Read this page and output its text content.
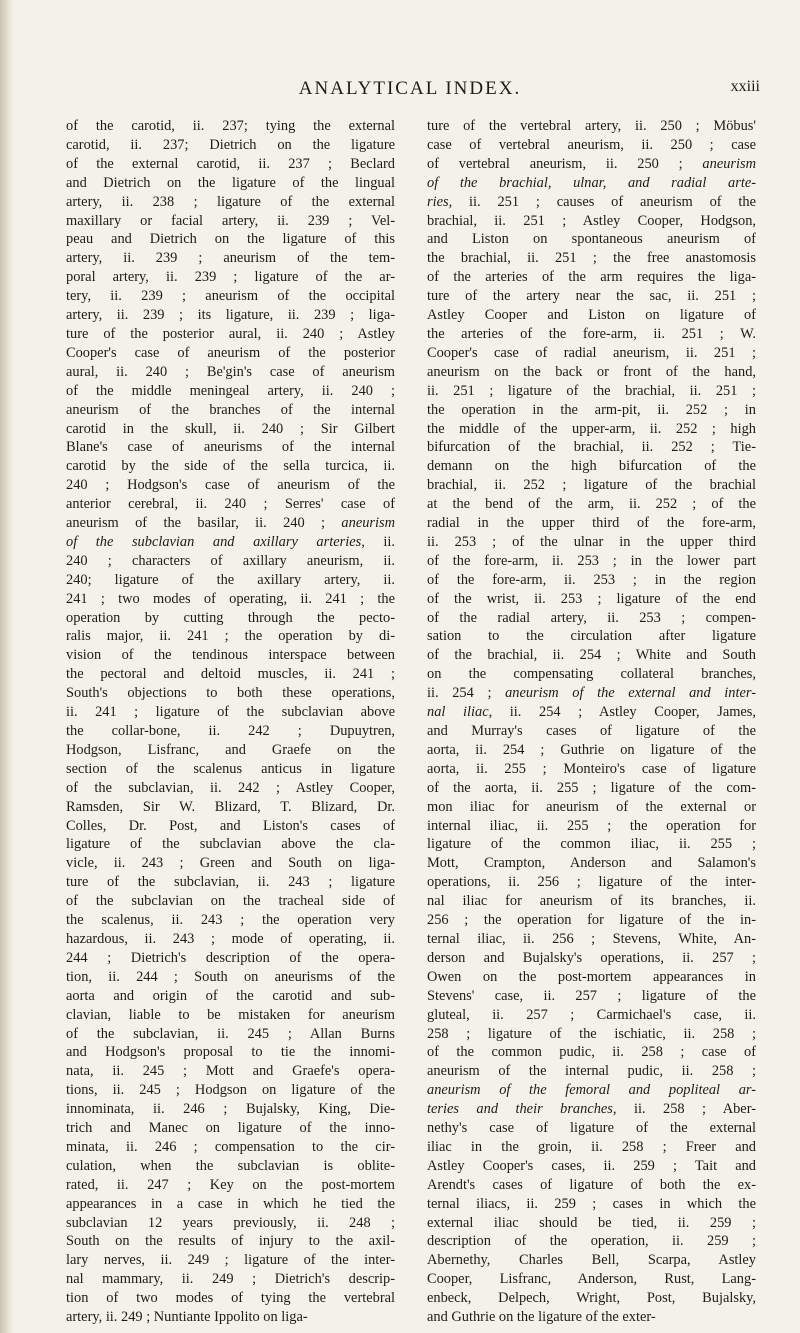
ANALYTICAL INDEX.	xxiii
of the carotid, ii. 237; tying the external
carotid, ii. 237; Dietrich on the ligature
of the external carotid, ii. 237 ; Beclard
and Dietrich on the ligature of the lingual
artery, ii. 238 ; ligature of the external
maxillary or facial artery, ii. 239 ; Vel-
peau and Dietrich on the ligature of this
artery, ii. 239 ; aneurism of the tem-
poral artery, ii. 239 ; ligature of the ar-
tery, ii. 239 ; aneurism of the occipital
artery, ii. 239 ; its ligature, ii. 239 ; liga-
ture of the posterior aural, ii. 240 ; Astley
Cooper's case of aneurism of the posterior
aural, ii. 240 ; Be'gin's case of aneurism
of the middle meningeal artery, ii. 240 ;
aneurism of the branches of the internal
carotid in the skull, ii. 240 ; Sir Gilbert
Blane's case of aneurisms of the internal
carotid by the side of the sella turcica, ii.
240 ; Hodgson's case of aneurism of the
anterior cerebral, ii. 240 ; Serres' case of
aneurism of the basilar, ii. 240 ; aneurism
of the subclavian and axillary arteries, ii.
240 ; characters of axillary aneurism, ii.
240; ligature of the axillary artery, ii.
241 ; two modes of operating, ii. 241 ; the
operation by cutting through the pecto-
ralis major, ii. 241 ; the operation by di-
vision of the tendinous interspace between
the pectoral and deltoid muscles, ii. 241 ;
South's objections to both these operations,
ii. 241 ; ligature of the subclavian above
the collar-bone, ii. 242 ; Dupuytren,
Hodgson, Lisfranc, and Graefe on the
section of the scalenus anticus in ligature
of the subclavian, ii. 242 ; Astley Cooper,
Ramsden, Sir W. Blizard, T. Blizard, Dr.
Colles, Dr. Post, and Liston's cases of
ligature of the subclavian above the cla-
vicle, ii. 243 ; Green and South on liga-
ture of the subclavian, ii. 243 ; ligature
of the subclavian on the tracheal side of
the scalenus, ii. 243 ; the operation very
hazardous, ii. 243 ; mode of operating, ii.
244 ; Dietrich's description of the opera-
tion, ii. 244 ; South on aneurisms of the
aorta and origin of the carotid and sub-
clavian, liable to be mistaken for aneurism
of the subclavian, ii. 245 ; Allan Burns
and Hodgson's proposal to tie the innomi-
nata, ii. 245 ; Mott and Graefe's opera-
tions, ii. 245 ; Hodgson on ligature of the
innominata, ii. 246 ; Bujalsky, King, Die-
trich and Manec on ligature of the inno-
minata, ii. 246 ; compensation to the cir-
culation, when the subclavian is oblite-
rated, ii. 247 ; Key on the post-mortem
appearances in a case in which he tied the
subclavian 12 years previously, ii. 248 ;
South on the results of injury to the axil-
lary nerves, ii. 249 ; ligature of the inter-
nal mammary, ii. 249 ; Dietrich's descrip-
tion of two modes of tying the vertebral
artery, ii. 249 ; Nuntiante Ippolito on liga-
ture of the vertebral artery, ii. 250 ; Möbus'
case of vertebral aneurism, ii. 250 ; case
of vertebral aneurism, ii. 250 ; aneurism
of the brachial, ulnar, and radial arte-
ries, ii. 251 ; causes of aneurism of the
brachial, ii. 251 ; Astley Cooper, Hodgson,
and Liston on spontaneous aneurism of
the brachial, ii. 251 ; the free anastomosis
of the arteries of the arm requires the liga-
ture of the artery near the sac, ii. 251 ;
Astley Cooper and Liston on ligature of
the arteries of the fore-arm, ii. 251 ; W.
Cooper's case of radial aneurism, ii. 251 ;
aneurism on the back or front of the hand,
ii. 251 ; ligature of the brachial, ii. 251 ;
the operation in the arm-pit, ii. 252 ; in
the middle of the upper-arm, ii. 252 ; high
bifurcation of the brachial, ii. 252 ; Tie-
demann on the high bifurcation of the
brachial, ii. 252 ; ligature of the brachial
at the bend of the arm, ii. 252 ; of the
radial in the upper third of the fore-arm,
ii. 253 ; of the ulnar in the upper third
of the fore-arm, ii. 253 ; in the lower part
of the fore-arm, ii. 253 ; in the region
of the wrist, ii. 253 ; ligature of the end
of the radial artery, ii. 253 ; compen-
sation to the circulation after ligature
of the brachial, ii. 254 ; White and South
on the compensating collateral branches,
ii. 254 ; aneurism of the external and inter-
nal iliac, ii. 254 ; Astley Cooper, James,
and Murray's cases of ligature of the
aorta, ii. 254 ; Guthrie on ligature of the
aorta, ii. 255 ; Monteiro's case of ligature
of the aorta, ii. 255 ; ligature of the com-
mon iliac for aneurism of the external or
internal iliac, ii. 255 ; the operation for
ligature of the common iliac, ii. 255 ;
Mott, Crampton, Anderson and Salamon's
operations, ii. 256 ; ligature of the inter-
nal iliac for aneurism of its branches, ii.
256 ; the operation for ligature of the in-
ternal iliac, ii. 256 ; Stevens, White, An-
derson and Bujalsky's operations, ii. 257 ;
Owen on the post-mortem appearances in
Stevens' case, ii. 257 ; ligature of the
gluteal, ii. 257 ; Carmichael's case, ii.
258 ; ligature of the ischiatic, ii. 258 ;
of the common pudic, ii. 258 ; case of
aneurism of the internal pudic, ii. 258 ;
aneurism of the femoral and popliteal ar-
teries and their branches, ii. 258 ; Aber-
nethy's case of ligature of the external
iliac in the groin, ii. 258 ; Freer and
Astley Cooper's cases, ii. 259 ; Tait and
Arendt's cases of ligature of both the ex-
ternal iliacs, ii. 259 ; cases in which the
external iliac should be tied, ii. 259 ;
description of the operation, ii. 259 ;
Abernethy, Charles Bell, Scarpa, Astley
Cooper, Lisfranc, Anderson, Rust, Lang-
enbeck, Delpech, Wright, Post, Bujalsky,
and Guthrie on the ligature of the exter-
